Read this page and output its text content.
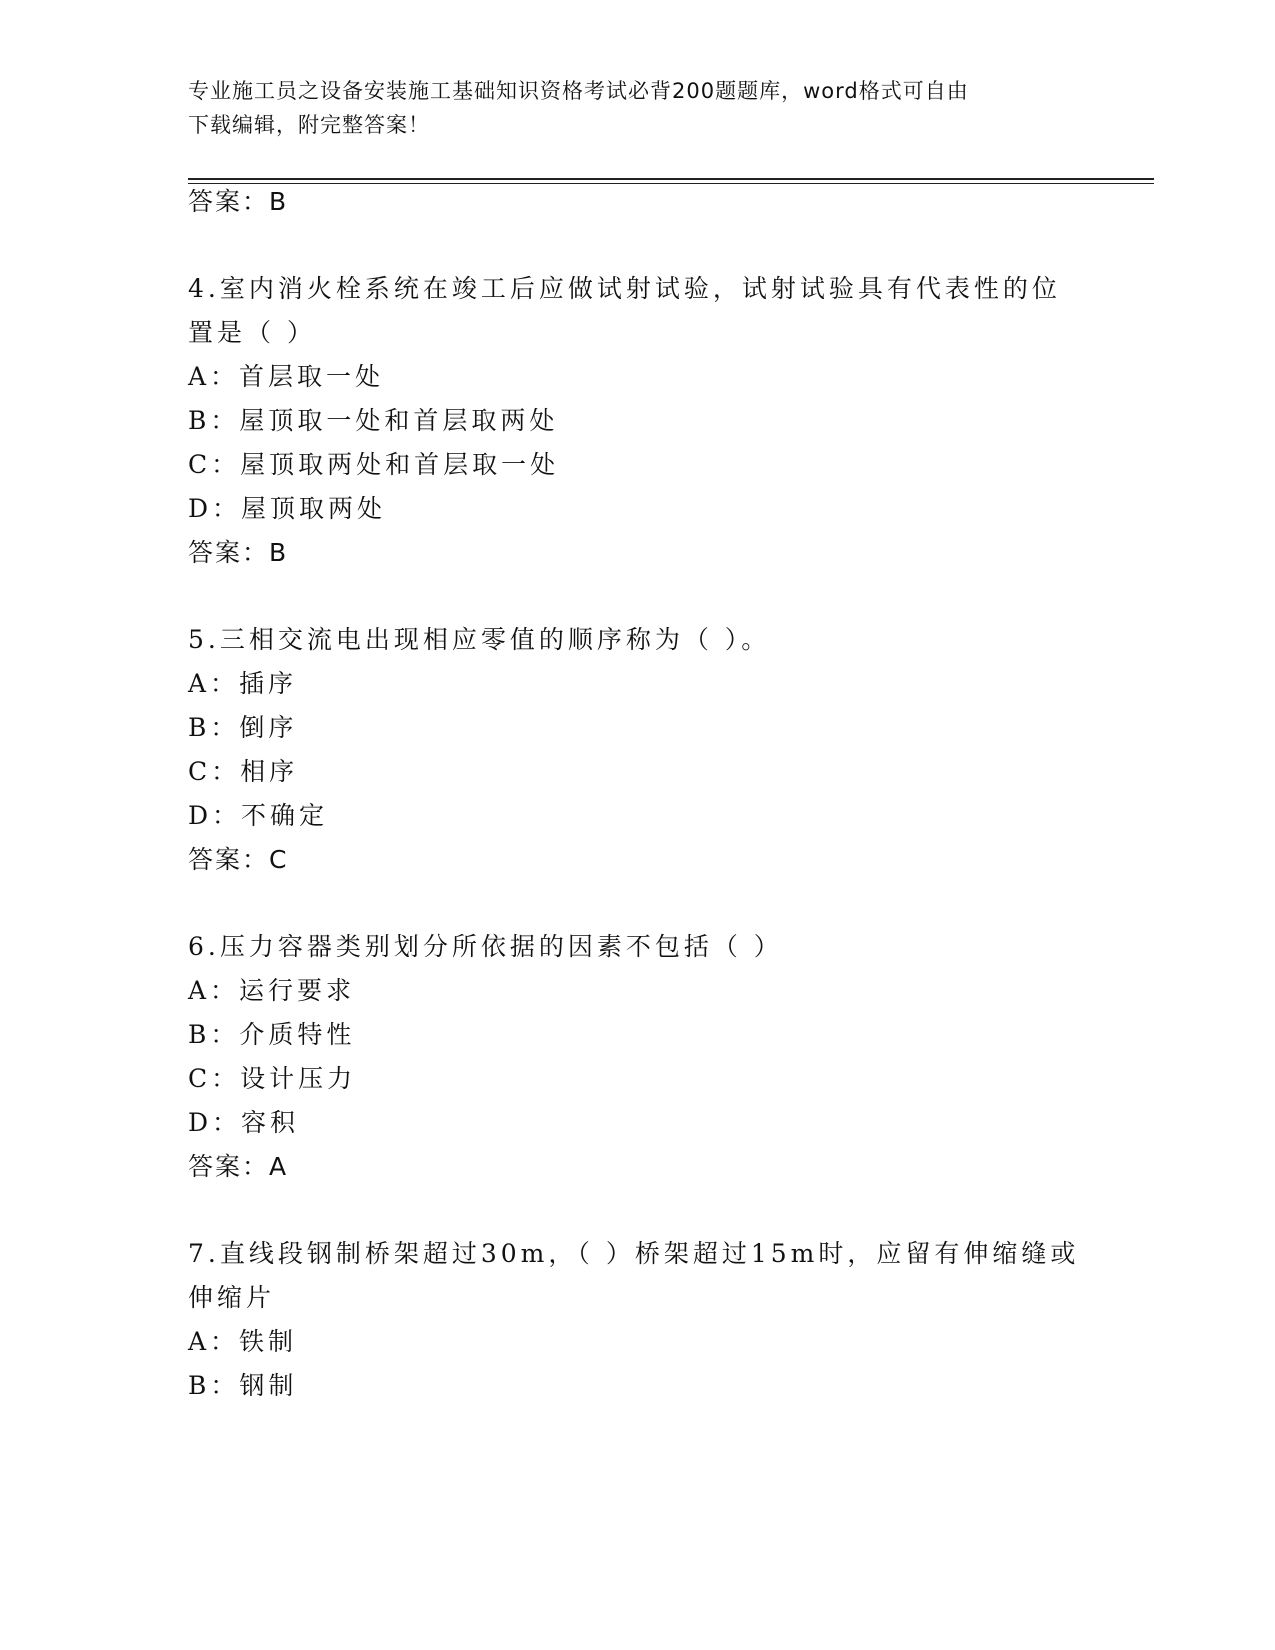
专业施工员之设备安装施工基础知识资格考试必背200题题库，word格式可自由
下载编辑，附完整答案！
答案：B
4.室内消火栓系统在竣工后应做试射试验，试射试验具有代表性的位
置是（ ）
A：首层取一处
B：屋顶取一处和首层取两处
C：屋顶取两处和首层取一处
D：屋顶取两处
答案：B
5.三相交流电出现相应零值的顺序称为（ ）。
A：插序
B：倒序
C：相序
D：不确定
答案：C
6.压力容器类别划分所依据的因素不包括（ ）
A：运行要求
B：介质特性
C：设计压力
D：容积
答案：A
7.直线段钢制桥架超过30m，（ ）桥架超过15m时，应留有伸缩缝或
伸缩片
A：铁制
B：钢制
